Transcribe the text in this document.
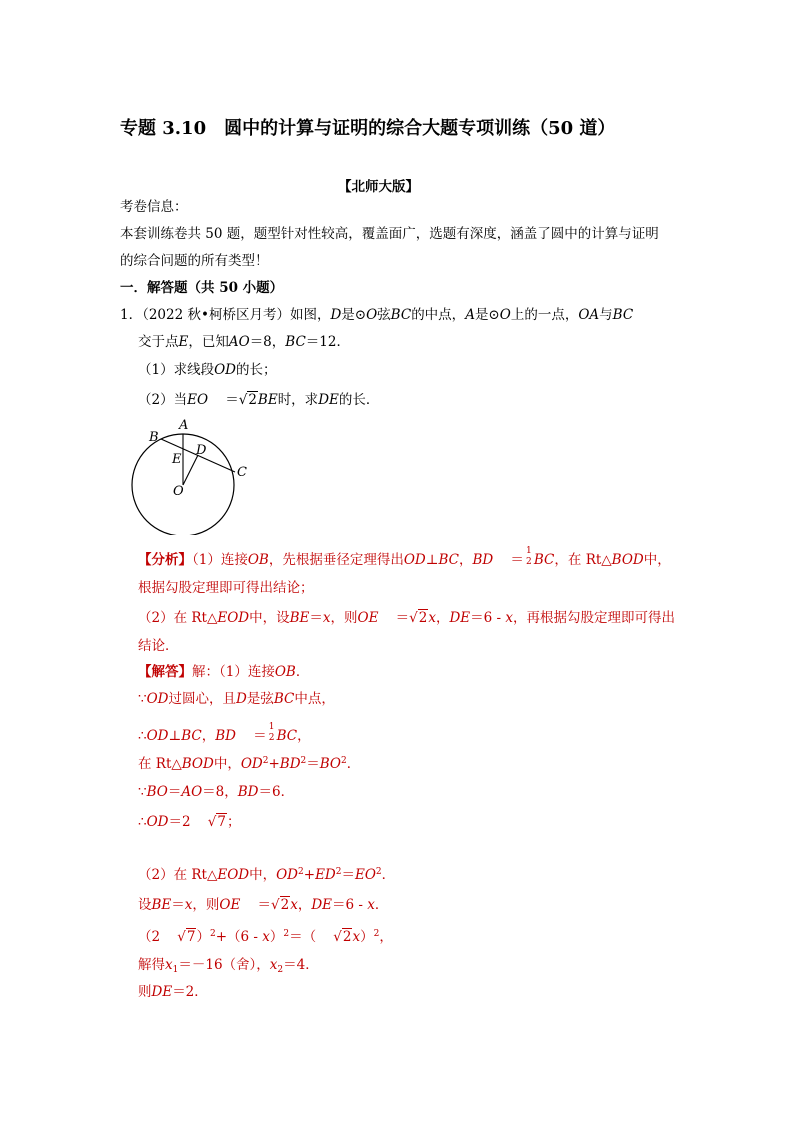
专题 3.10　圆中的计算与证明的综合大题专项训练（50 道）
【北师大版】
考卷信息：
本套训练卷共 50 题，题型针对性较高，覆盖面广，选题有深度，涵盖了圆中的计算与证明
的综合问题的所有类型！
一．解答题（共 50 小题）
1．（2022 秋•柯桥区月考）如图，D是⊙O弦BC的中点，A是⊙O上的一点，OA与BC
交于点E，已知AO＝8，BC＝12．
（1）求线段OD的长；
（2）当EO    ＝√2BE时，求DE的长．
A
B
D
E
C
O
【分析】（1）连接OB，先根据垂径定理得出OD⊥BC，BD    ＝
1
2 BC，在 Rt△BOD中，
根据勾股定理即可得出结论；
（2）在 Rt△EOD中，设BE＝x，则OE    ＝√2x，DE＝6 - x，再根据勾股定理即可得出
结论．
【解答】解：（1）连接OB．
∵OD过圆心，且D是弦BC中点，
∴OD⊥BC，BD    ＝
1
2 BC，
在 Rt△BOD中，$OD^2+BD^2=BO^2$．
∵BO＝AO＝8，BD＝6．
∴OD＝2    √7；
（2）在 Rt△EOD中，$OD^2+ED^2=EO^2$．
设BE＝x，则OE    ＝√2x，DE＝6 - x．
（2 √7）$^2$+（6 - x）$^2$＝（    √2x）$^2$，
解得$x_1=-16$（舍），$x_2=4$．
则DE＝2．
